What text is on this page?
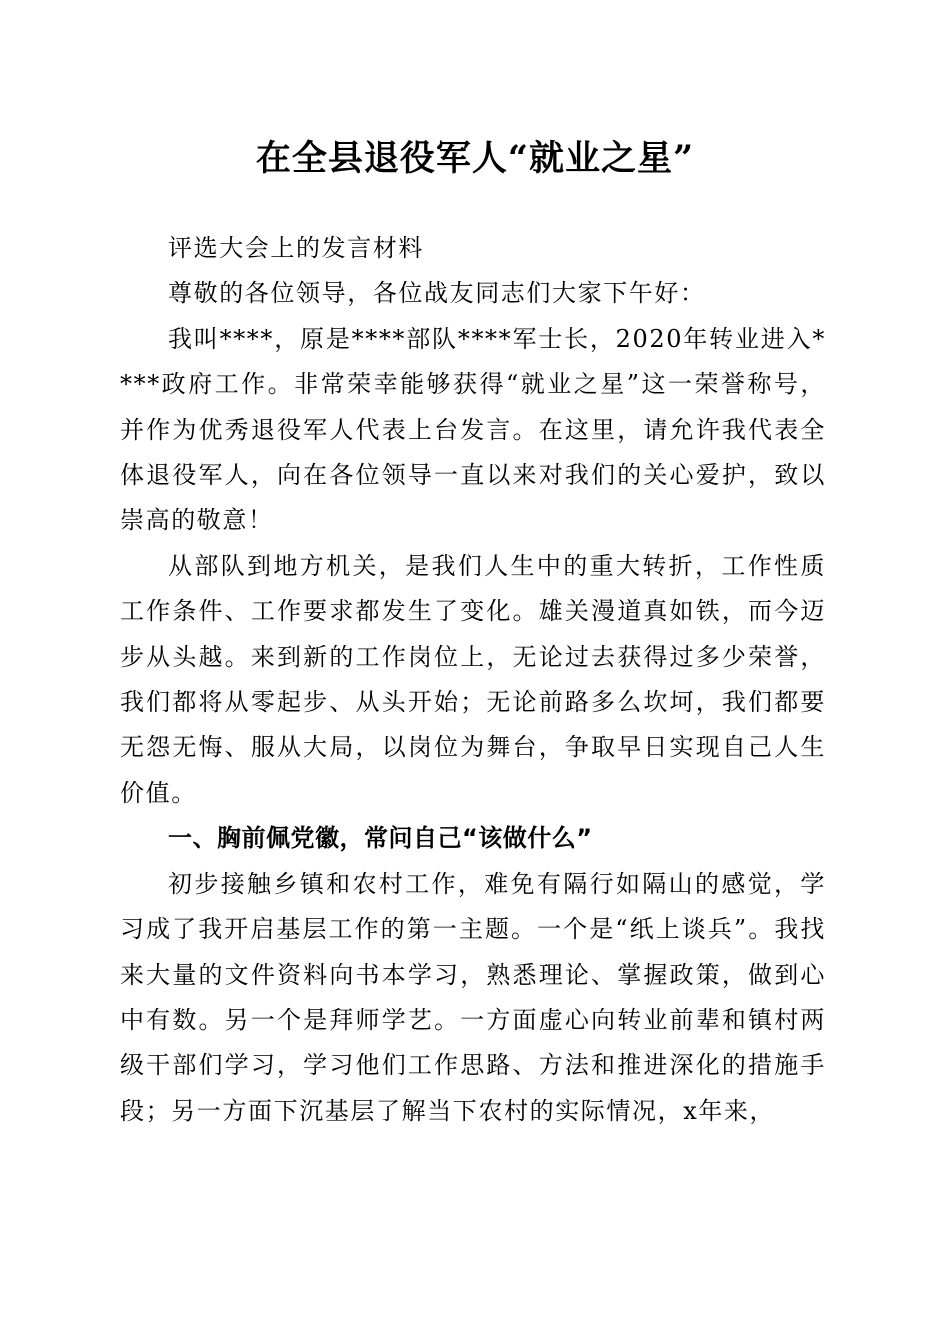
在全县退役军人“就业之星”

评选大会上的发言材料

尊敬的各位领导，各位战友同志们大家下午好：

我叫****，原是****部队****军士长，2020年转业进入****政府工作。非常荣幸能够获得“就业之星”这一荣誉称号，并作为优秀退役军人代表上台发言。在这里，请允许我代表全体退役军人，向在各位领导一直以来对我们的关心爱护，致以崇高的敬意！

从部队到地方机关，是我们人生中的重大转折，工作性质工作条件、工作要求都发生了变化。雄关漫道真如铁，而今迈步从头越。来到新的工作岗位上，无论过去获得过多少荣誉，我们都将从零起步、从头开始；无论前路多么坎坷，我们都要无怨无悔、服从大局，以岗位为舞台，争取早日实现自己人生价值。

一、胸前佩党徽，常问自己“该做什么”

初步接触乡镇和农村工作，难免有隔行如隔山的感觉，学习成了我开启基层工作的第一主题。一个是“纸上谈兵”。我找来大量的文件资料向书本学习，熟悉理论、掌握政策，做到心中有数。另一个是拜师学艺。一方面虚心向转业前辈和镇村两级干部们学习，学习他们工作思路、方法和推进深化的措施手段；另一方面下沉基层了解当下农村的实际情况，x年来，
